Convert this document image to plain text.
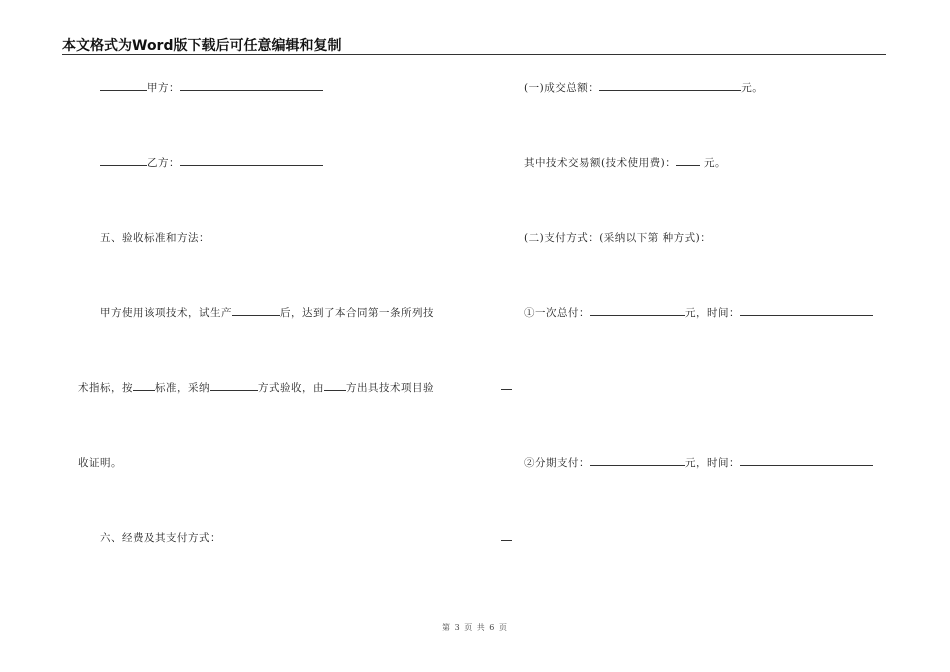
本文格式为Word版下载后可任意编辑和复制
甲方：
乙方：
五、验收标准和方法：
甲方使用该项技术，试生产	后，达到了本合同第一条所列技
术指标，按 标准，采纳	方式验收，由 方出具技术项目验
收证明。
六、经费及其支付方式：
(一)成交总额：	元。
其中技术交易额(技术使用费)：	元。
(二)支付方式：(采纳以下第 种方式)：
①一次总付：	元，时间：
②分期支付：	元，时间：
第 3 页 共 6 页
